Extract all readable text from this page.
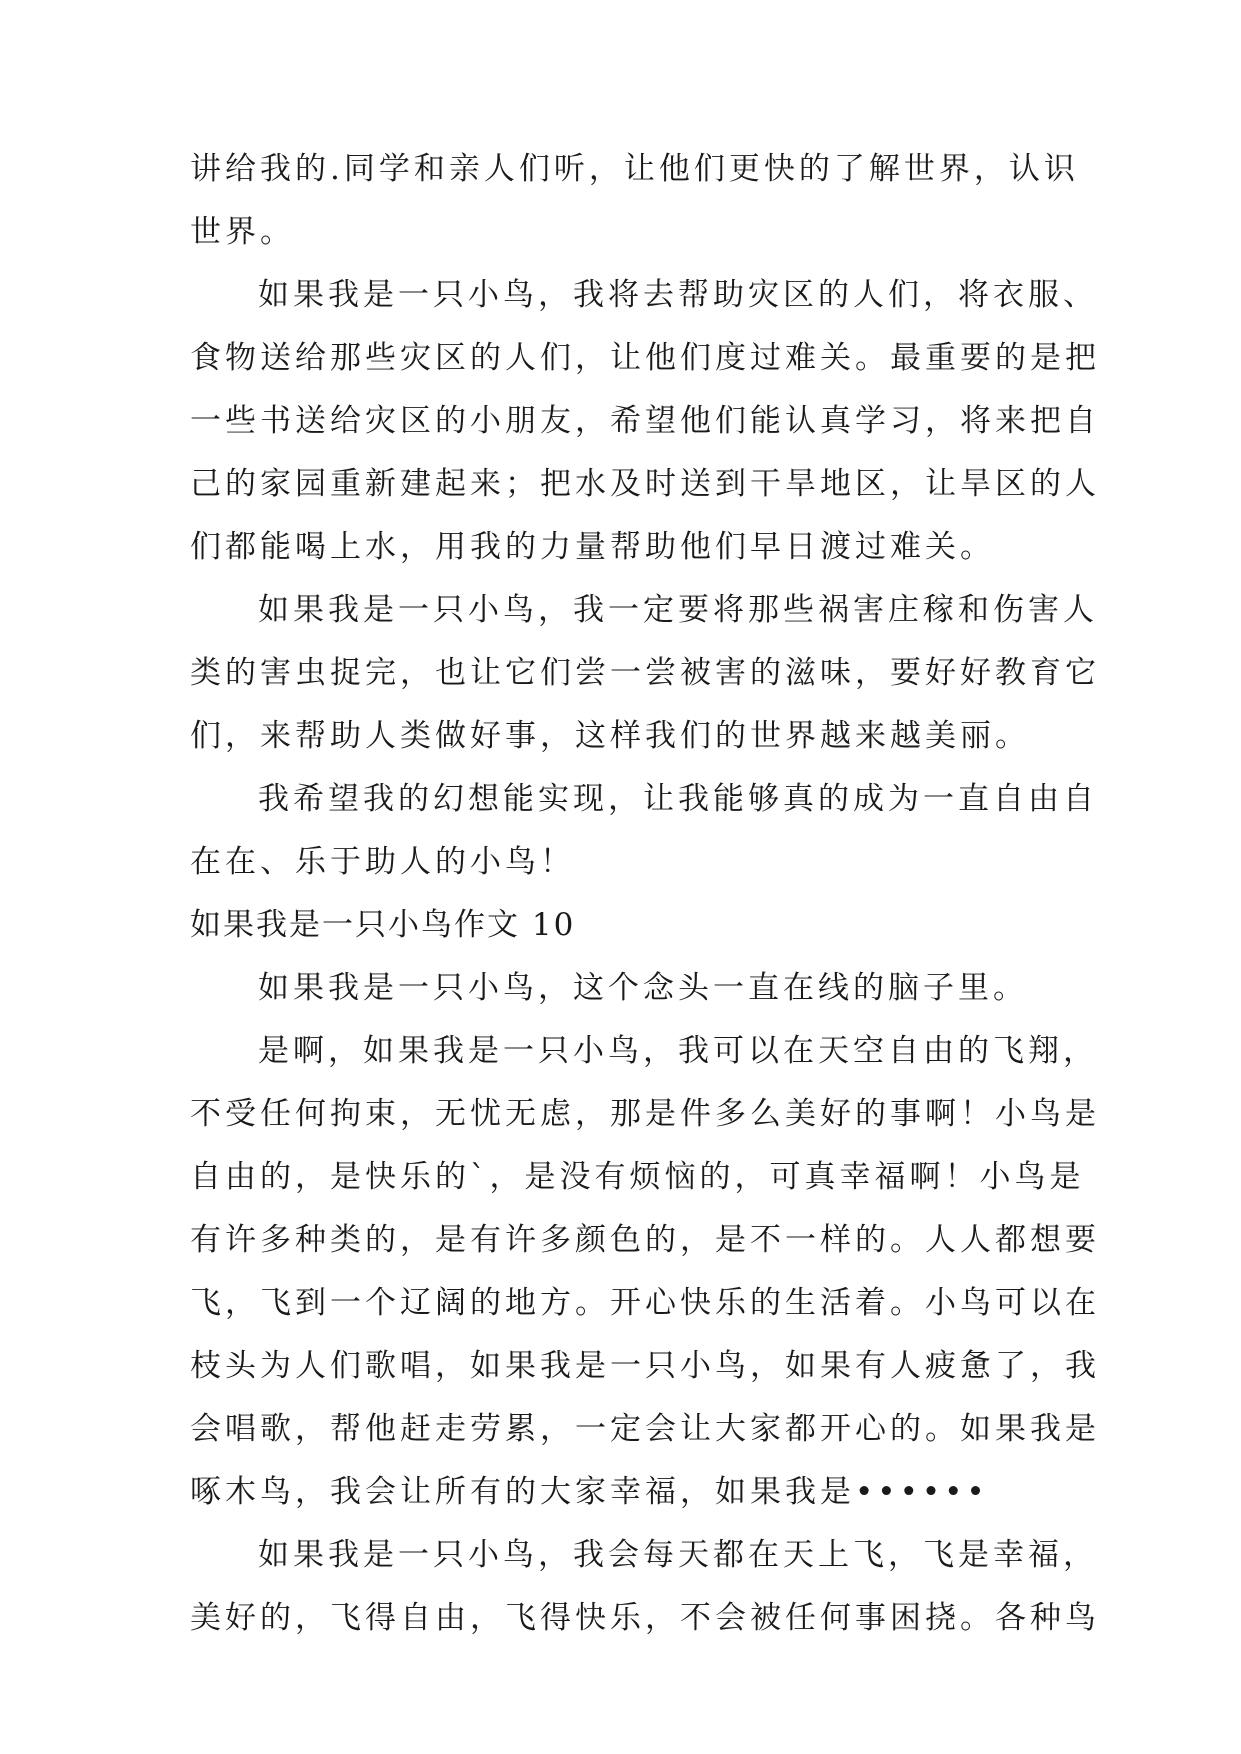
讲给我的.同学和亲人们听，让他们更快的了解世界，认识
世界。
如果我是一只小鸟，我将去帮助灾区的人们，将衣服、
食物送给那些灾区的人们，让他们度过难关。最重要的是把
一些书送给灾区的小朋友，希望他们能认真学习，将来把自
己的家园重新建起来；把水及时送到干旱地区，让旱区的人
们都能喝上水，用我的力量帮助他们早日渡过难关。
如果我是一只小鸟，我一定要将那些祸害庄稼和伤害人
类的害虫捉完，也让它们尝一尝被害的滋味，要好好教育它
们，来帮助人类做好事，这样我们的世界越来越美丽。
我希望我的幻想能实现，让我能够真的成为一直自由自
在在、乐于助人的小鸟！
如果我是一只小鸟作文 10
如果我是一只小鸟，这个念头一直在线的脑子里。
是啊，如果我是一只小鸟，我可以在天空自由的飞翔，
不受任何拘束，无忧无虑，那是件多么美好的事啊！小鸟是
自由的，是快乐的`，是没有烦恼的，可真幸福啊！小鸟是
有许多种类的，是有许多颜色的，是不一样的。人人都想要
飞，飞到一个辽阔的地方。开心快乐的生活着。小鸟可以在
枝头为人们歌唱，如果我是一只小鸟，如果有人疲惫了，我
会唱歌，帮他赶走劳累，一定会让大家都开心的。如果我是
啄木鸟，我会让所有的大家幸福，如果我是••••••
如果我是一只小鸟，我会每天都在天上飞，飞是幸福，
美好的，飞得自由，飞得快乐，不会被任何事困挠。各种鸟
